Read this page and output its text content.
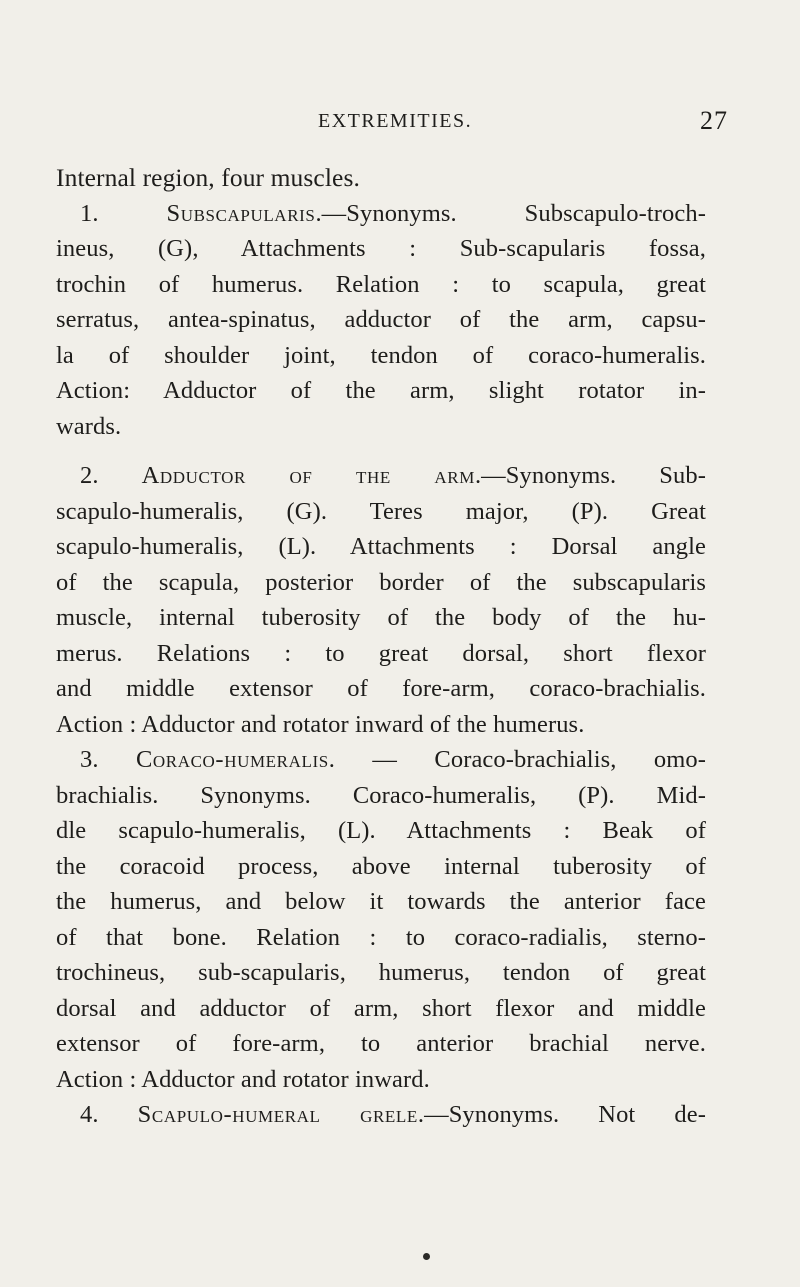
EXTREMITIES.	27
Internal region, four muscles.
1.	Subscapularis.—Synonyms. Subscapulo-troch-
ineus, (G), Attachments : Sub-scapularis fossa,
trochin of humerus. Relation : to scapula, great
serratus, antea-spinatus, adductor of the arm, capsu-
la of shoulder joint, tendon of coraco-humeralis.
Action: Adductor of the arm, slight rotator in-
wards.
2. Adductor of the arm.—Synonyms. Sub-
scapulo-humeralis, (G). Teres major, (P). Great
scapulo-humeralis, (L). Attachments : Dorsal angle
of the scapula, posterior border of the subscapularis
muscle, internal tuberosity of the body of the hu-
merus. Relations : to great dorsal, short flexor
and middle extensor of fore-arm, coraco-brachialis.
Action : Adductor and rotator inward of the humerus.
3. Coraco-humeralis. — Coraco-brachialis, omo-
brachialis. Synonyms. Coraco-humeralis, (P). Mid-
dle scapulo-humeralis, (L). Attachments : Beak of
the coracoid process, above internal tuberosity of
the humerus, and below it towards the anterior face
of that bone. Relation : to coraco-radialis, sterno-
trochineus, sub-scapularis, humerus, tendon of great
dorsal and adductor of arm, short flexor and middle
extensor of fore-arm, to anterior brachial nerve.
Action : Adductor and rotator inward.
4. Scapulo-humeral grele.—Synonyms. Not de-
